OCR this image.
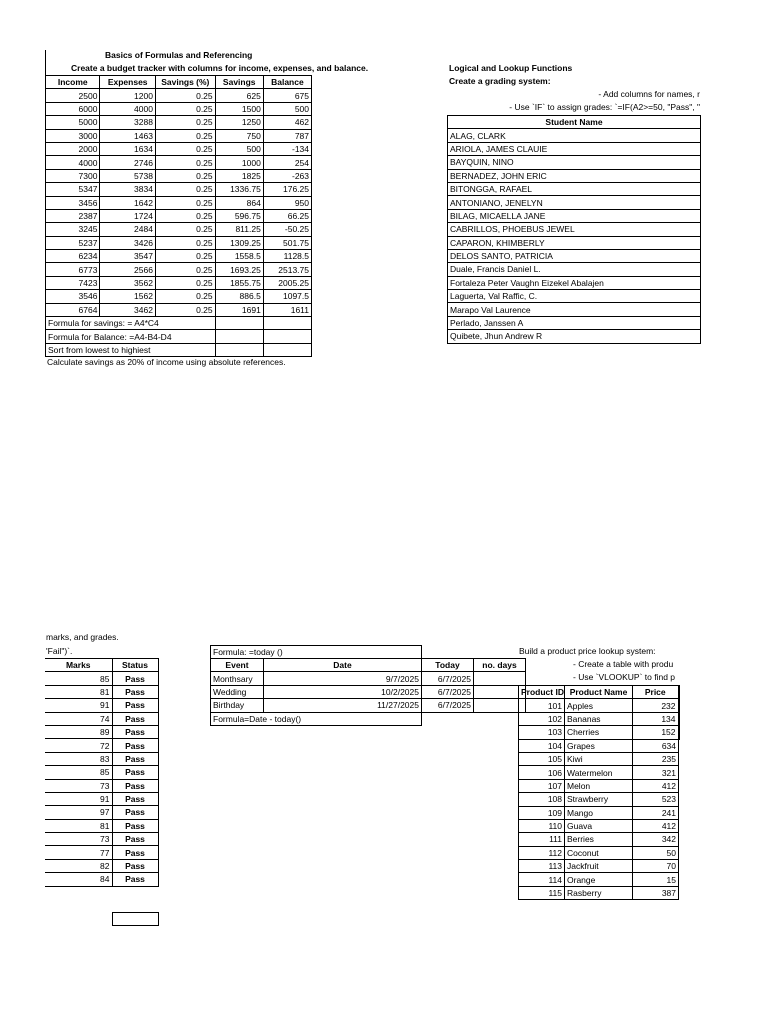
Basics of Formulas and Referencing
Create a budget tracker with columns for income, expenses, and balance.
Income	Expenses	Savings (%)	Savings	Balance
2500	1200	0.25	625	675
6000	4000	0.25	1500	500
5000	3288	0.25	1250	462
3000	1463	0.25	750	787
2000	1634	0.25	500	-134
4000	2746	0.25	1000	254
7300	5738	0.25	1825	-263
5347	3834	0.25	1336.75	176.25
3456	1642	0.25	864	950
2387	1724	0.25	596.75	66.25
3245	2484	0.25	811.25	-50.25
5237	3426	0.25	1309.25	501.75
6234	3547	0.25	1558.5	1128.5
6773	2566	0.25	1693.25	2513.75
7423	3562	0.25	1855.75	2005.25
3546	1562	0.25	886.5	1097.5
6764	3462	0.25	1691	1611
Formula for savings: = A4*C4				
Formula for Balance: =A4-B4-D4				
Sort from lowest to highiest				
Calculate savings as 20% of income using absolute references.
Logical and Lookup Functions
Create a grading system:
- Add columns for names, r
- Use `IF` to assign grades: `=IF(A2>=50, "Pass", "
Student Name
ALAG, CLARK
ARIOLA, JAMES CLAUIE
BAYQUIN, NINO
BERNADEZ, JOHN ERIC
BITONGGA, RAFAEL
ANTONIANO, JENELYN
BILAG, MICAELLA JANE
CABRILLOS, PHOEBUS JEWEL
CAPARON, KHIMBERLY
DELOS SANTO, PATRICIA
Duale, Francis Daniel L.
Fortaleza Peter Vaughn Eizekel Abalajen
Laguerta, Val Raffic, C.
Marapo Val Laurence
Perlado, Janssen A
Quibete, Jhun Andrew R
marks, and grades.
'Fail")`.
Marks	Status
85	Pass
81	Pass
91	Pass
74	Pass
89	Pass
72	Pass
83	Pass
85	Pass
73	Pass
91	Pass
97	Pass
81	Pass
73	Pass
77	Pass
82	Pass
84	Pass
Formula: =today ()		
Event	Date	Today	no. days
Monthsary	9/7/2025	6/7/2025	
Wedding	10/2/2025	6/7/2025	
Birthday	11/27/2025	6/7/2025	
Formula=Date - today()			
Build a product price lookup system:
- Create a table with produ
- Use `VLOOKUP` to find p
Product ID	Product Name	Price
101	Apples	232
102	Bananas	134
103	Cherries	152
104	Grapes	634
105	Kiwi	235
106	Watermelon	321
107	Melon	412
108	Strawberry	523
109	Mango	241
110	Guava	412
111	Berries	342
112	Coconut	50
113	Jackfruit	70
114	Orange	15
115	Rasberry	387
